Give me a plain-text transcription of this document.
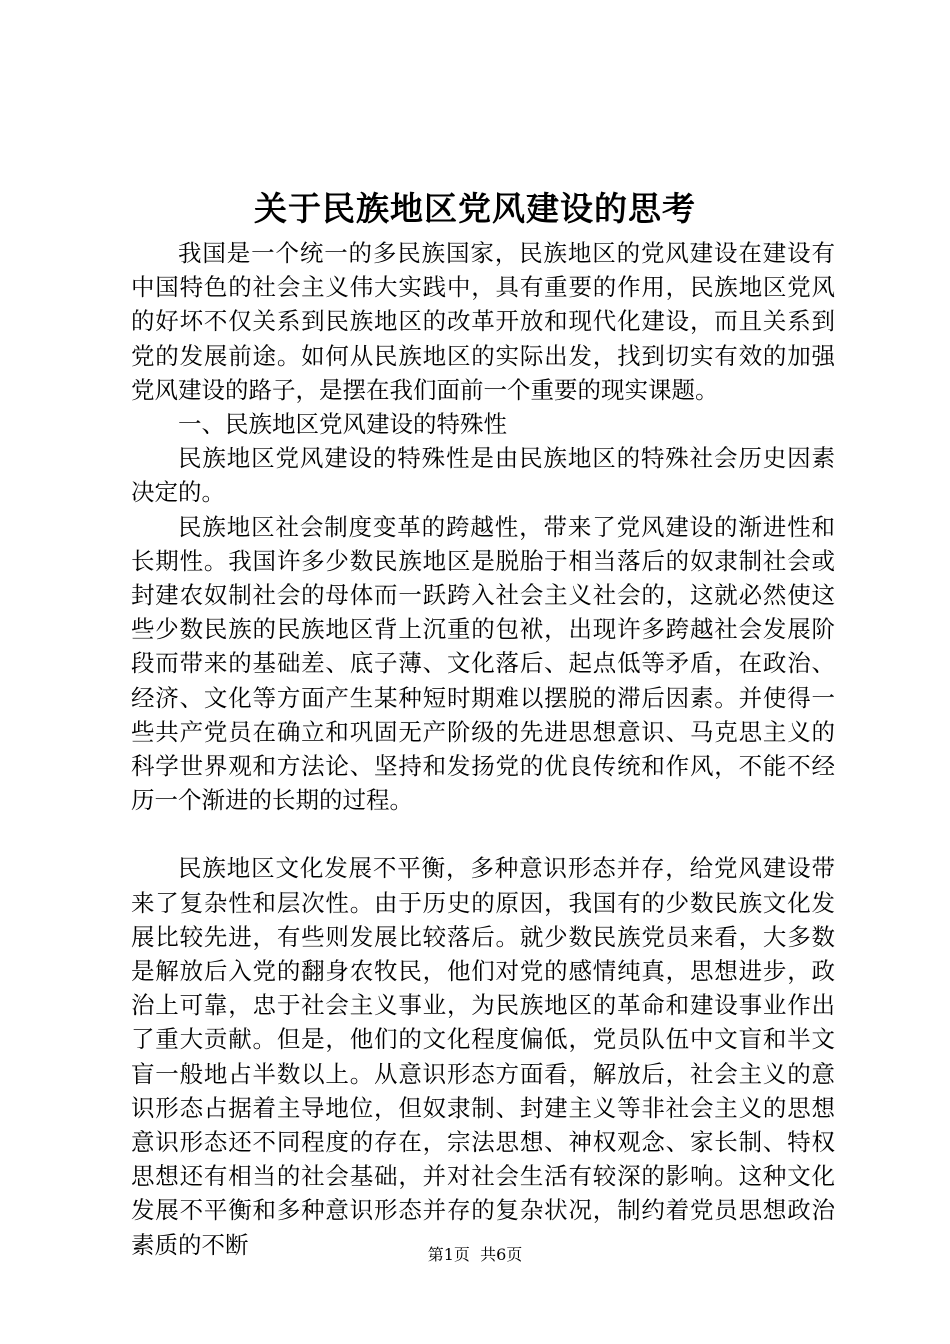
关于民族地区党风建设的思考

我国是一个统一的多民族国家，民族地区的党风建设在建设有中国特色的社会主义伟大实践中，具有重要的作用，民族地区党风的好坏不仅关系到民族地区的改革开放和现代化建设，而且关系到党的发展前途。如何从民族地区的实际出发，找到切实有效的加强党风建设的路子，是摆在我们面前一个重要的现实课题。

一、民族地区党风建设的特殊性

民族地区党风建设的特殊性是由民族地区的特殊社会历史因素决定的。

民族地区社会制度变革的跨越性，带来了党风建设的渐进性和长期性。我国许多少数民族地区是脱胎于相当落后的奴隶制社会或封建农奴制社会的母体而一跃跨入社会主义社会的，这就必然使这些少数民族的民族地区背上沉重的包袱，出现许多跨越社会发展阶段而带来的基础差、底子薄、文化落后、起点低等矛盾，在政治、经济、文化等方面产生某种短时期难以摆脱的滞后因素。并使得一些共产党员在确立和巩固无产阶级的先进思想意识、马克思主义的科学世界观和方法论、坚持和发扬党的优良传统和作风，不能不经历一个渐进的长期的过程。

民族地区文化发展不平衡，多种意识形态并存，给党风建设带来了复杂性和层次性。由于历史的原因，我国有的少数民族文化发展比较先进，有些则发展比较落后。就少数民族党员来看，大多数是解放后入党的翻身农牧民，他们对党的感情纯真，思想进步，政治上可靠，忠于社会主义事业，为民族地区的革命和建设事业作出了重大贡献。但是，他们的文化程度偏低，党员队伍中文盲和半文盲一般地占半数以上。从意识形态方面看，解放后，社会主义的意识形态占据着主导地位，但奴隶制、封建主义等非社会主义的思想意识形态还不同程度的存在，宗法思想、神权观念、家长制、特权思想还有相当的社会基础，并对社会生活有较深的影响。这种文化发展不平衡和多种意识形态并存的复杂状况，制约着党员思想政治素质的不断	第1页 共6页
